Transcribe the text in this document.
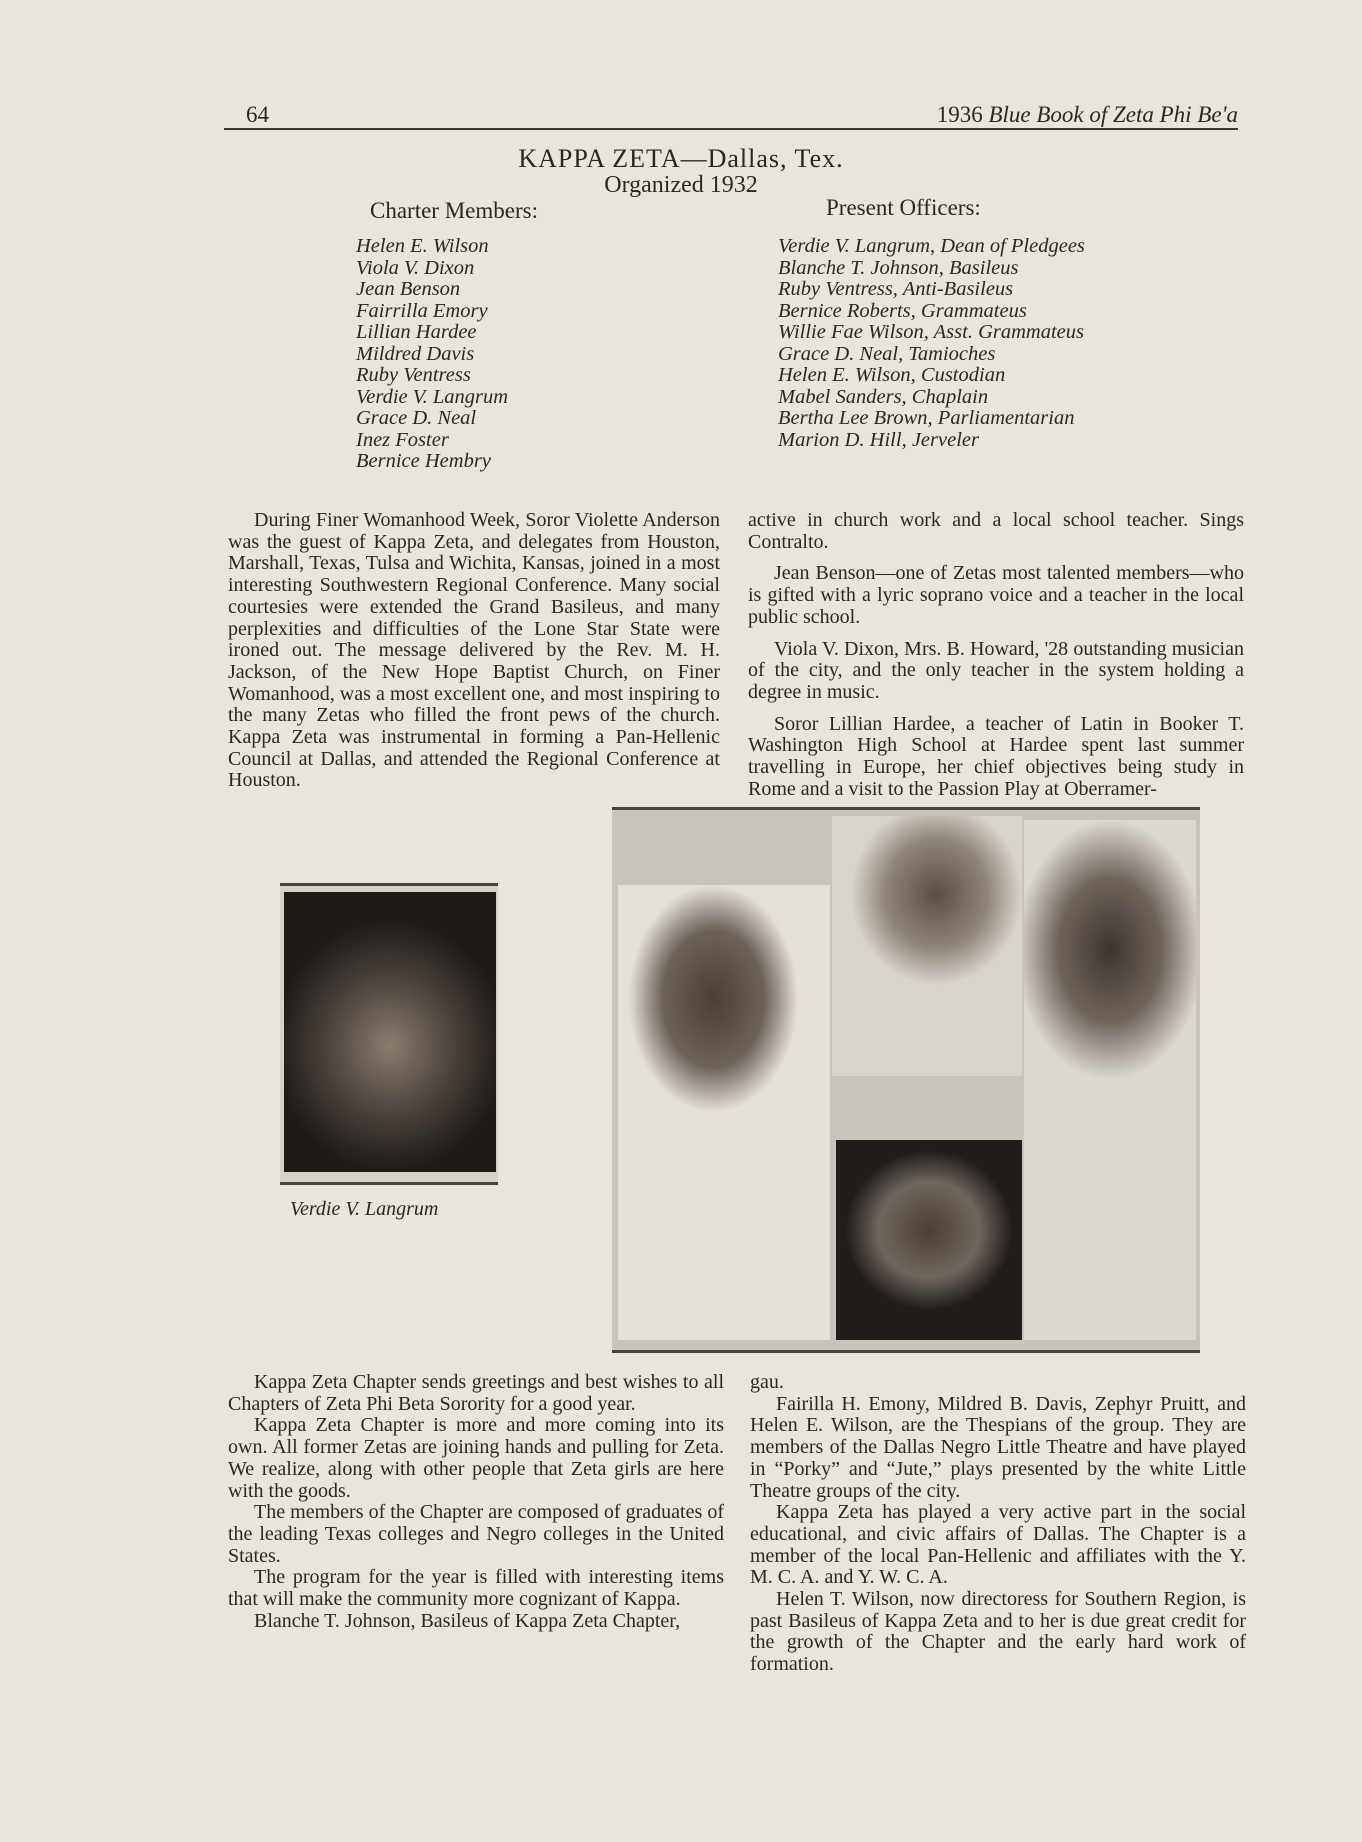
64	1936 Blue Book of Zeta Phi Be'a
KAPPA ZETA—Dallas, Tex.
Organized 1932
Charter Members:	Present Officers:
Helen E. Wilson
Viola V. Dixon
Jean Benson
Fairrilla Emory
Lillian Hardee
Mildred Davis
Ruby Ventress
Verdie V. Langrum
Grace D. Neal
Inez Foster
Bernice Hembry
Verdie V. Langrum, Dean of Pledgees
Blanche T. Johnson, Basileus
Ruby Ventress, Anti-Basileus
Bernice Roberts, Grammateus
Willie Fae Wilson, Asst. Grammateus
Grace D. Neal, Tamioches
Helen E. Wilson, Custodian
Mabel Sanders, Chaplain
Bertha Lee Brown, Parliamentarian
Marion D. Hill, Jerveler

During Finer Womanhood Week, Soror Violette Anderson was the guest of Kappa Zeta, and delegates from Houston, Marshall, Texas, Tulsa and Wichita, Kansas, joined in a most interesting Southwestern Regional Conference. Many social courtesies were extended the Grand Basileus, and many perplexities and difficulties of the Lone Star State were ironed out. The message delivered by the Rev. M. H. Jackson, of the New Hope Baptist Church, on Finer Womanhood, was a most excellent one, and most inspiring to the many Zetas who filled the front pews of the church. Kappa Zeta was instrumental in forming a Pan-Hellenic Council at Dallas, and attended the Regional Conference at Houston.

active in church work and a local school teacher. Sings Contralto.

Jean Benson—one of Zetas most talented members—who is gifted with a lyric soprano voice and a teacher in the local public school.

Viola V. Dixon, Mrs. B. Howard, '28 outstanding musician of the city, and the only teacher in the system holding a degree in music.

Soror Lillian Hardee, a teacher of Latin in Booker T. Washington High School at Hardee spent last summer travelling in Europe, her chief objectives being study in Rome and a visit to the Passion Play at Oberramer-

Verdie V. Langrum

Kappa Zeta Chapter sends greetings and best wishes to all Chapters of Zeta Phi Beta Sorority for a good year.

Kappa Zeta Chapter is more and more coming into its own. All former Zetas are joining hands and pulling for Zeta. We realize, along with other people that Zeta girls are here with the goods.

The members of the Chapter are composed of graduates of the leading Texas colleges and Negro colleges in the United States.

The program for the year is filled with interesting items that will make the community more cognizant of Kappa.

Blanche T. Johnson, Basileus of Kappa Zeta Chapter,

gau.

Fairilla H. Emony, Mildred B. Davis, Zephyr Pruitt, and Helen E. Wilson, are the Thespians of the group. They are members of the Dallas Negro Little Theatre and have played in “Porky” and “Jute,” plays presented by the white Little Theatre groups of the city.

Kappa Zeta has played a very active part in the social educational, and civic affairs of Dallas. The Chapter is a member of the local Pan-Hellenic and affiliates with the Y. M. C. A. and Y. W. C. A.

Helen T. Wilson, now directoress for Southern Region, is past Basileus of Kappa Zeta and to her is due great credit for the growth of the Chapter and the early hard work of formation.
